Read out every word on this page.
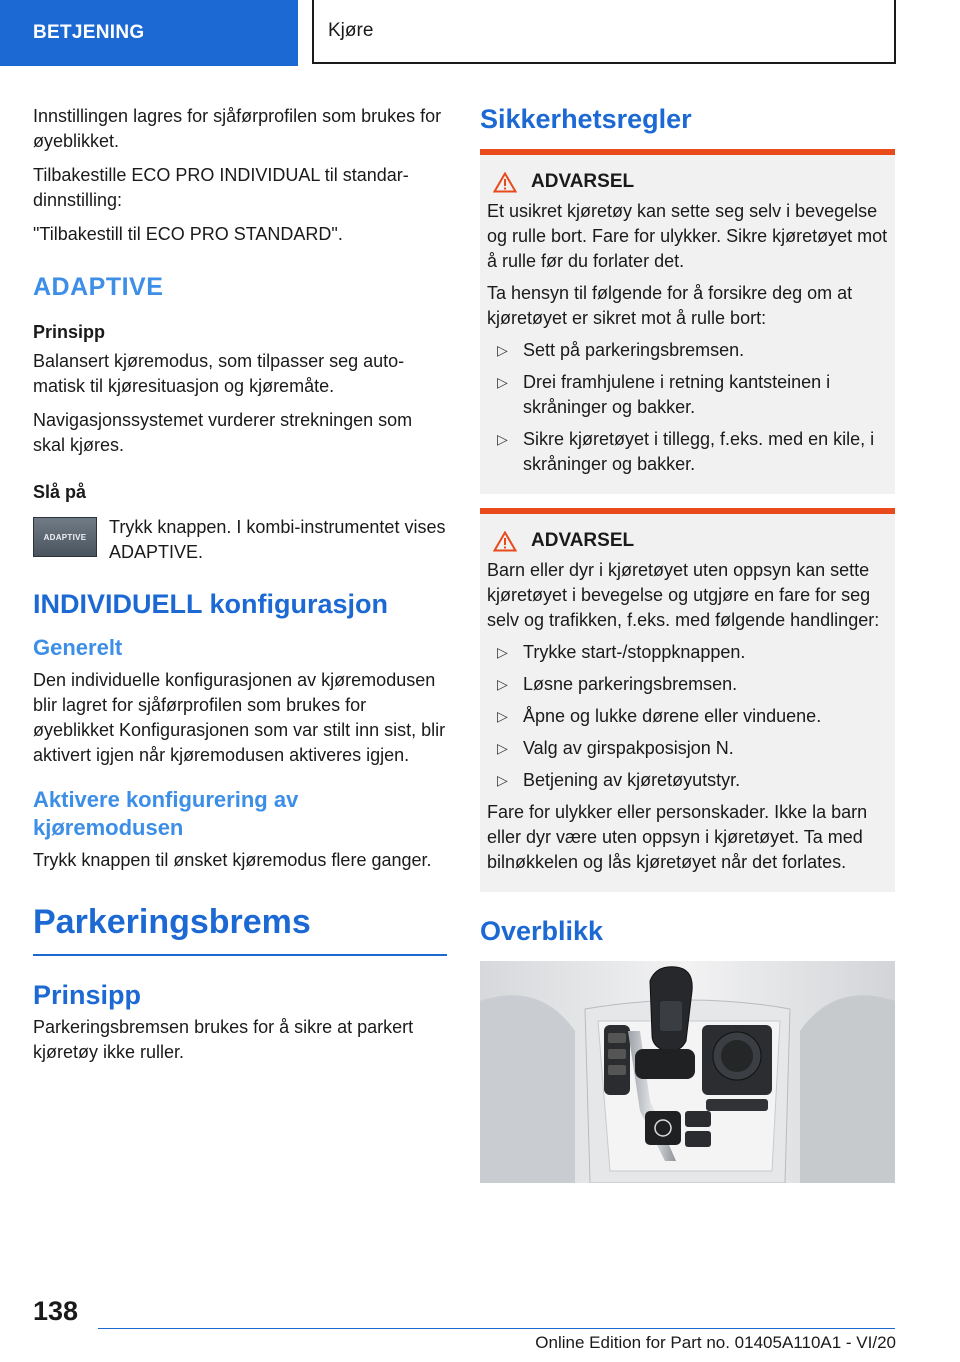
BETJENING	Kjøre

Innstillingen lagres for sjåførprofilen som brukes for øyeblikket.

Tilbakestille ECO PRO INDIVIDUAL til standardinnstilling:

"Tilbakestill til ECO PRO STANDARD".

ADAPTIVE
Prinsipp

Balansert kjøremodus, som tilpasser seg automatisk til kjøresituasjon og kjøremåte.

Navigasjonssystemet vurderer strekningen som skal kjøres.

Slå på
ADAPTIVE	Trykk knappen. I kombi-instrumentet vises ADAPTIVE.

INDIVIDUELL konfigurasjon
Generelt

Den individuelle konfigurasjonen av kjøremodusen blir lagret for sjåførprofilen som brukes for øyeblikket Konfigurasjonen som var stilt inn sist, blir aktivert igjen når kjøremodusen aktiveres igjen.

Aktivere konfigurering av kjøremodusen

Trykk knappen til ønsket kjøremodus flere ganger.

Parkeringsbrems
Prinsipp

Parkeringsbremsen brukes for å sikre at parkert kjøretøy ikke ruller.

Sikkerhetsregler
ADVARSEL

Et usikret kjøretøy kan sette seg selv i bevegelse og rulle bort. Fare for ulykker. Sikre kjøretøyet mot å rulle før du forlater det.

Ta hensyn til følgende for å forsikre deg om at kjøretøyet er sikret mot å rulle bort:

▷ Sett på parkeringsbremsen.
▷ Drei framhjulene i retning kantsteinen i skråninger og bakker.
▷ Sikre kjøretøyet i tillegg, f.eks. med en kile, i skråninger og bakker.
ADVARSEL

Barn eller dyr i kjøretøyet uten oppsyn kan sette kjøretøyet i bevegelse og utgjøre en fare for seg selv og trafikken, f.eks. med følgende handlinger:

▷ Trykke start-/stoppknappen.
▷ Løsne parkeringsbremsen.
▷ Åpne og lukke dørene eller vinduene.
▷ Valg av girspakposisjon N.
▷ Betjening av kjøretøyutstyr.

Fare for ulykker eller personskader. Ikke la barn eller dyr være uten oppsyn i kjøretøyet. Ta med bilnøkkelen og lås kjøretøyet når det forlates.

Overblikk
138
Online Edition for Part no. 01405A110A1 - VI/20
